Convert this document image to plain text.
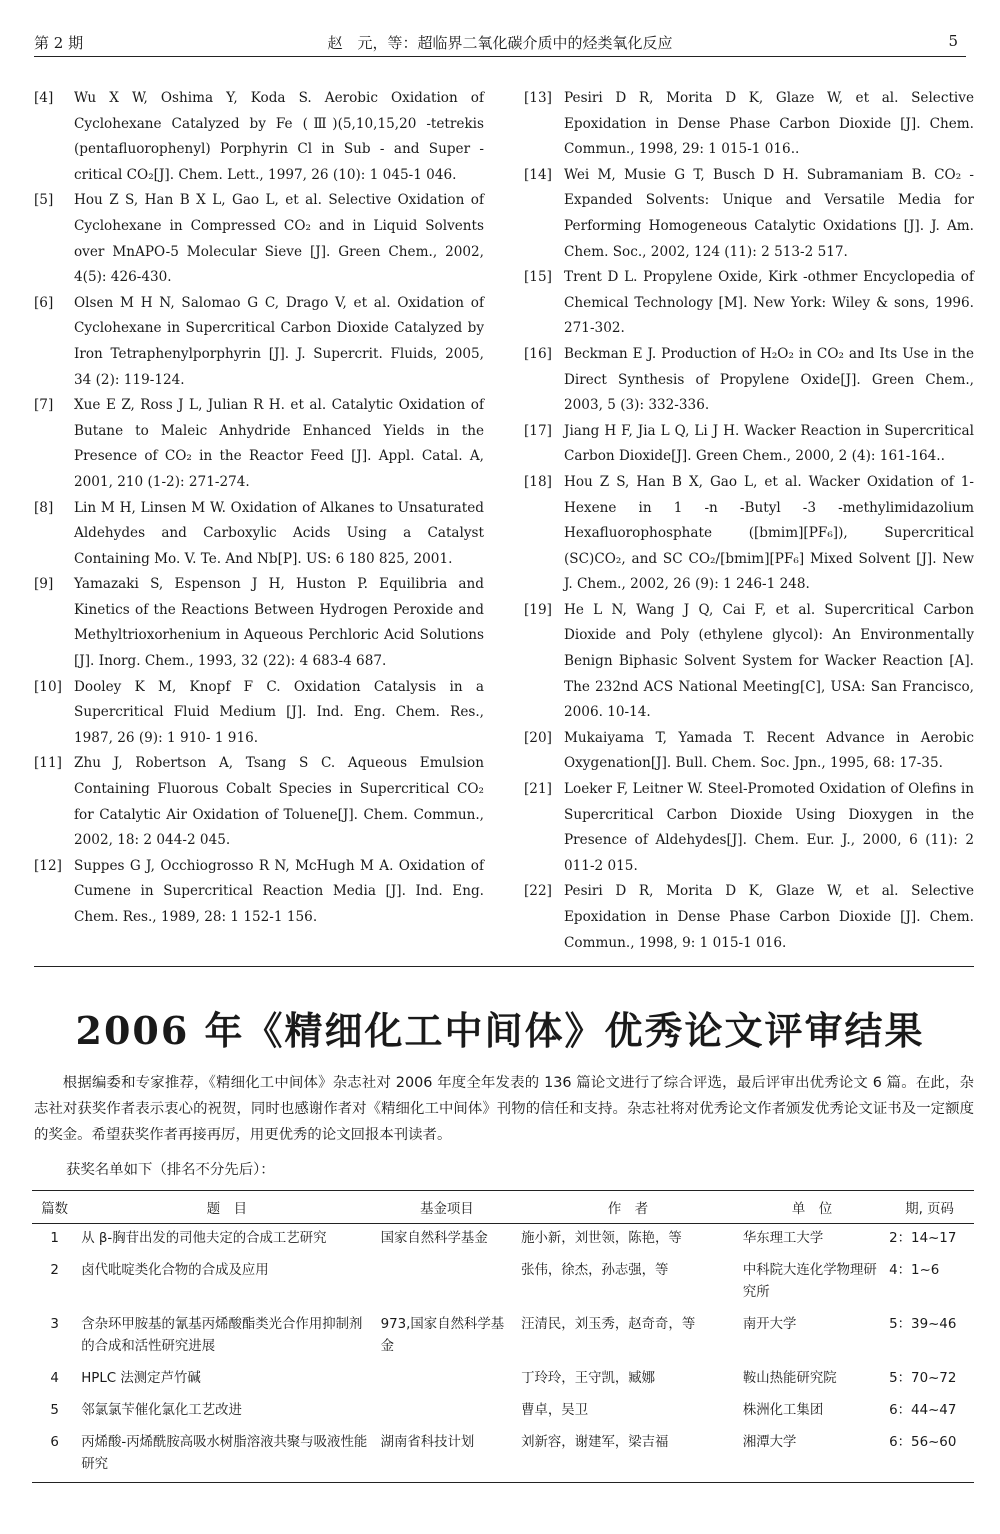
第 2 期	赵　元，等：超临界二氧化碳介质中的烃类氧化反应	5
[4]	Wu X W, Oshima Y, Koda S. Aerobic Oxidation of Cyclohexane Catalyzed by Fe (Ⅲ)(5,10,15,20 -tetrekis (pentafluorophenyl) Porphyrin Cl in Sub - and Super -critical CO₂[J]. Chem. Lett., 1997, 26 (10): 1 045-1 046.
[5]	Hou Z S, Han B X L, Gao L, et al. Selective Oxidation of Cyclohexane in Compressed CO₂ and in Liquid Solvents over MnAPO-5 Molecular Sieve [J]. Green Chem., 2002, 4(5): 426-430.
[6]	Olsen M H N, Salomao G C, Drago V, et al. Oxidation of Cyclohexane in Supercritical Carbon Dioxide Catalyzed by Iron Tetraphenylporphyrin [J]. J. Supercrit. Fluids, 2005, 34 (2): 119-124.
[7]	Xue E Z, Ross J L, Julian R H. et al. Catalytic Oxidation of Butane to Maleic Anhydride Enhanced Yields in the Presence of CO₂ in the Reactor Feed [J]. Appl. Catal. A, 2001, 210 (1-2): 271-274.
[8]	Lin M H, Linsen M W. Oxidation of Alkanes to Unsaturated Aldehydes and Carboxylic Acids Using a Catalyst Containing Mo. V. Te. And Nb[P]. US: 6 180 825, 2001.
[9]	Yamazaki S, Espenson J H, Huston P. Equilibria and Kinetics of the Reactions Between Hydrogen Peroxide and Methyltrioxorhenium in Aqueous Perchloric Acid Solutions [J]. Inorg. Chem., 1993, 32 (22): 4 683-4 687.
[10] Dooley K M, Knopf F C. Oxidation Catalysis in a Supercritical Fluid Medium [J]. Ind. Eng. Chem. Res., 1987, 26 (9): 1 910- 1 916.
[11] Zhu J, Robertson A, Tsang S C. Aqueous Emulsion Containing Fluorous Cobalt Species in Supercritical CO₂ for Catalytic Air Oxidation of Toluene[J]. Chem. Commun., 2002, 18: 2 044-2 045.
[12] Suppes G J, Occhiogrosso R N, McHugh M A. Oxidation of Cumene in Supercritical Reaction Media [J]. Ind. Eng. Chem. Res., 1989, 28: 1 152-1 156.
[13] Pesiri D R, Morita D K, Glaze W, et al. Selective Epoxidation in Dense Phase Carbon Dioxide [J]. Chem. Commun., 1998, 29: 1 015-1 016..
[14] Wei M, Musie G T, Busch D H. Subramaniam B. CO₂ -Expanded Solvents: Unique and Versatile Media for Performing Homogeneous Catalytic Oxidations [J]. J. Am. Chem. Soc., 2002, 124 (11): 2 513-2 517.
[15] Trent D L. Propylene Oxide, Kirk -othmer Encyclopedia of Chemical Technology [M]. New York: Wiley & sons, 1996. 271-302.
[16] Beckman E J. Production of H₂O₂ in CO₂ and Its Use in the Direct Synthesis of Propylene Oxide[J]. Green Chem., 2003, 5 (3): 332-336.
[17] Jiang H F, Jia L Q, Li J H. Wacker Reaction in Supercritical Carbon Dioxide[J]. Green Chem., 2000, 2 (4): 161-164..
[18] Hou Z S, Han B X, Gao L, et al. Wacker Oxidation of 1-Hexene in 1 -n -Butyl -3 -methylimidazolium Hexafluorophosphate ([bmim][PF₆]), Supercritical (SC)CO₂, and SC CO₂/[bmim][PF₆] Mixed Solvent [J]. New J. Chem., 2002, 26 (9): 1 246-1 248.
[19] He L N, Wang J Q, Cai F, et al. Supercritical Carbon Dioxide and Poly (ethylene glycol): An Environmentally Benign Biphasic Solvent System for Wacker Reaction [A]. The 232nd ACS National Meeting[C], USA: San Francisco, 2006. 10-14.
[20] Mukaiyama T, Yamada T. Recent Advance in Aerobic Oxygenation[J]. Bull. Chem. Soc. Jpn., 1995, 68: 17-35.
[21] Loeker F, Leitner W. Steel-Promoted Oxidation of Olefins in Supercritical Carbon Dioxide Using Dioxygen in the Presence of Aldehydes[J]. Chem. Eur. J., 2000, 6 (11): 2 011-2 015.
[22] Pesiri D R, Morita D K, Glaze W, et al. Selective Epoxidation in Dense Phase Carbon Dioxide [J]. Chem. Commun., 1998, 9: 1 015-1 016.
2006 年《精细化工中间体》优秀论文评审结果
根据编委和专家推荐，《精细化工中间体》杂志社对 2006 年度全年发表的 136 篇论文进行了综合评选，最后评审出优秀论文 6 篇。在此，杂志社对获奖作者表示衷心的祝贺，同时也感谢作者对《精细化工中间体》刊物的信任和支持。杂志社将对优秀论文作者颁发优秀论文证书及一定额度的奖金。希望获奖作者再接再厉，用更优秀的论文回报本刊读者。
获奖名单如下（排名不分先后）：
篇数	题　目	基金项目	作　者	单　位	期, 页码
1	从 β-胸苷出发的司他夫定的合成工艺研究	国家自然科学基金	施小新，刘世领，陈艳，等	华东理工大学	2：14~17
2	卤代吡啶类化合物的合成及应用		张伟，徐杰，孙志强，等	中科院大连化学物理研究所	4：1~6
3	含杂环甲胺基的氰基丙烯酸酯类光合作用抑制剂的合成和活性研究进展	973,国家自然科学基金	汪清民，刘玉秀，赵奇奇，等	南开大学	5：39~46
4	HPLC 法测定芦竹碱		丁玲玲，王守凯，臧娜	鞍山热能研究院	5：70~72
5	邻氯氯苄催化氯化工艺改进		曹卓，吴卫	株洲化工集团	6：44~47
6	丙烯酸-丙烯酰胺高吸水树脂溶液共聚与吸液性能研究	湖南省科技计划	刘新容，谢建军，梁吉福	湘潭大学	6：56~60
